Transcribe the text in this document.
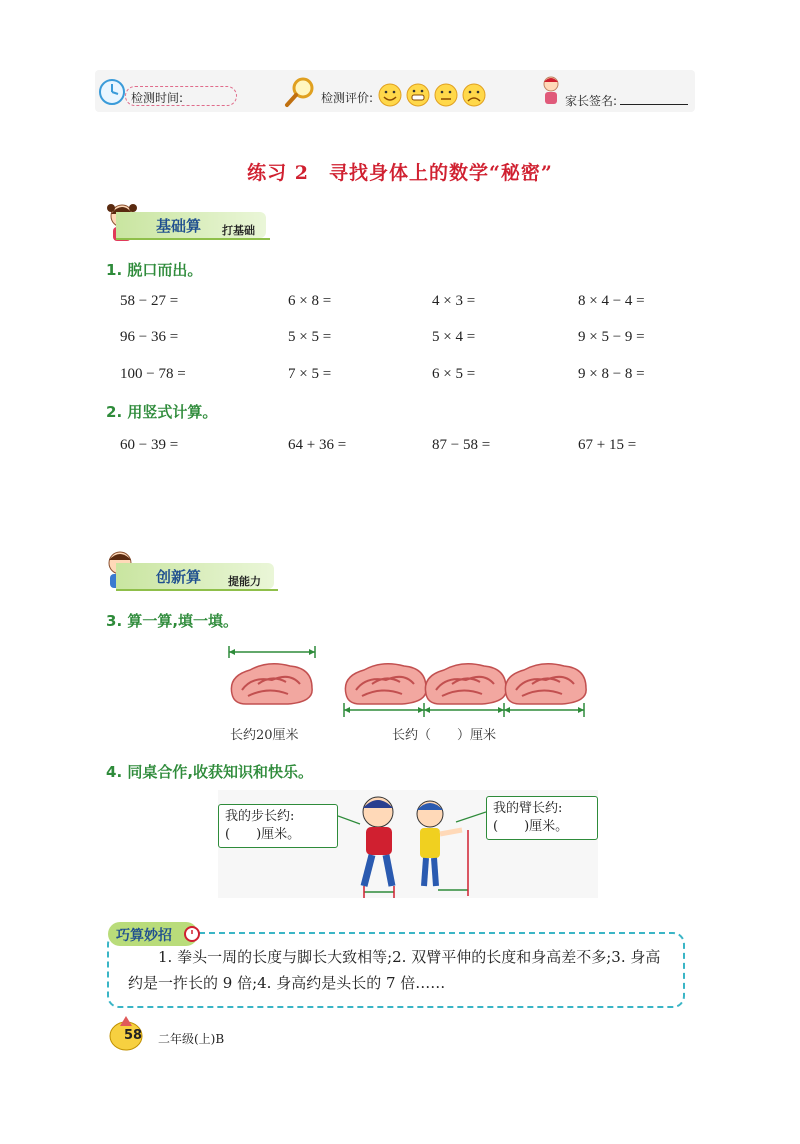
检测时间:	检测评价:	家长签名:
练习 2　寻找身体上的数学“秘密”
基础算 打基础
1. 脱口而出。
58 − 27 =	6 × 8 =	4 × 3 =	8 × 4 − 4 =
96 − 36 =	5 × 5 =	5 × 4 =	9 × 5 − 9 =
100 − 78 =	7 × 5 =	6 × 5 =	9 × 8 − 8 =
2. 用竖式计算。
60 − 39 =	64 + 36 =	87 − 58 =	67 + 15 =
创新算 提能力
3. 算一算,填一填。
长约20厘米	长约（　　）厘米
4. 同桌合作,收获知识和快乐。
我的步长约:
(　　)厘米。
我的臂长约:
(　　)厘米。
巧算妙招
1. 拳头一周的长度与脚长大致相等;2. 双臂平伸的长度和身高差不多;3. 身高约是一拃长的 9 倍;4. 身高约是头长的 7 倍……
58 二年级(上)B
